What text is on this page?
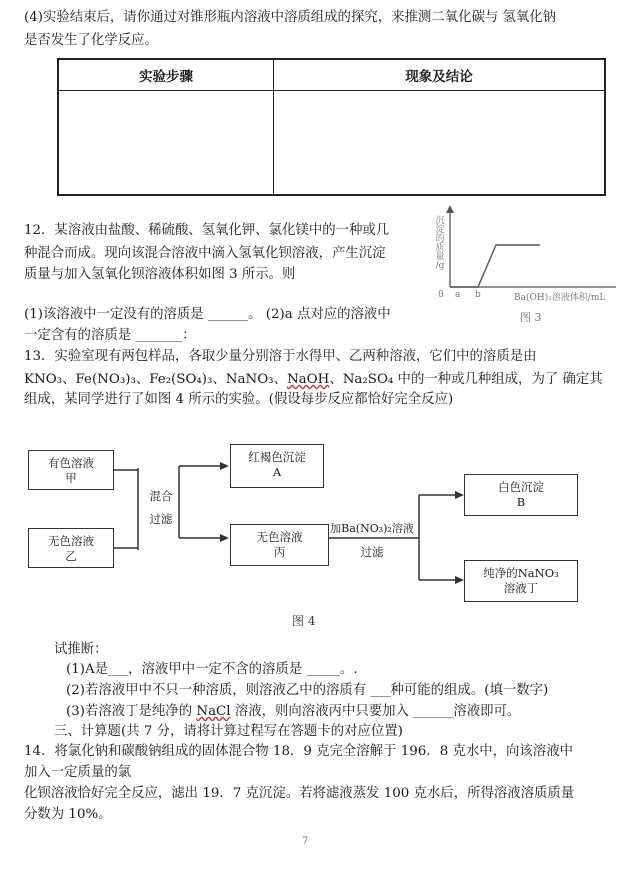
(4)实验结束后，请你通过对锥形瓶内溶液中溶质组成的探究，来推测二氧化碳与 氢氧化钠
是否发生了化学反应。
实验步骤	现象及结论

12．某溶液由盐酸、稀硫酸、氢氧化钾、氯化镁中的一种或几
种混合而成。现向该混合溶液中滴入氢氧化钡溶液，产生沉淀
质量与加入氢氧化钡溶液体积如图 3 所示。则
(1)该溶液中一定没有的溶质是 ______。 (2)a 点对应的溶液中
一定含有的溶质是 _______：
沉
淀
的
质
量
/g
0 a b	Ba(OH)₂溶液体积/mL
图 3
13．实验室现有两包样品，各取少量分别溶于水得甲、乙两种溶液，它们中的溶质是由
KNO₃、Fe(NO₃)₃、Fe₂(SO₄)₃、NaNO₃、NaOH、Na₂SO₄ 中的一种或几种组成，为了 确定其
组成，某同学进行了如图 4 所示的实验。(假设每步反应都恰好完全反应)
有色溶液
甲
无色溶液
乙
混合
过滤
红褐色沉淀
A
无色溶液
丙
加Ba(NO₃)₂溶液
过滤
白色沉淀
B
纯净的NaNO₃
溶液丁
图 4
试推断：
(1)A是___，溶液甲中一定不含的溶质是 _____。.
(2)若溶液甲中不只一种溶质，则溶液乙中的溶质有 ___种可能的组成。(填一数字)
(3)若溶液丁是纯净的 NaCl 溶液，则向溶液丙中只要加入 ______溶液即可。
三、计算题(共 7 分，请将计算过程写在答题卡的对应位置)
14．将氯化钠和碳酸钠组成的固体混合物 18．9 克完全溶解于 196．8 克水中，向该溶液中
加入一定质量的氯
化钡溶液恰好完全反应，滤出 19．7 克沉淀。若将滤液蒸发 100 克水后，所得溶液溶质质量
分数为 10%。
7
